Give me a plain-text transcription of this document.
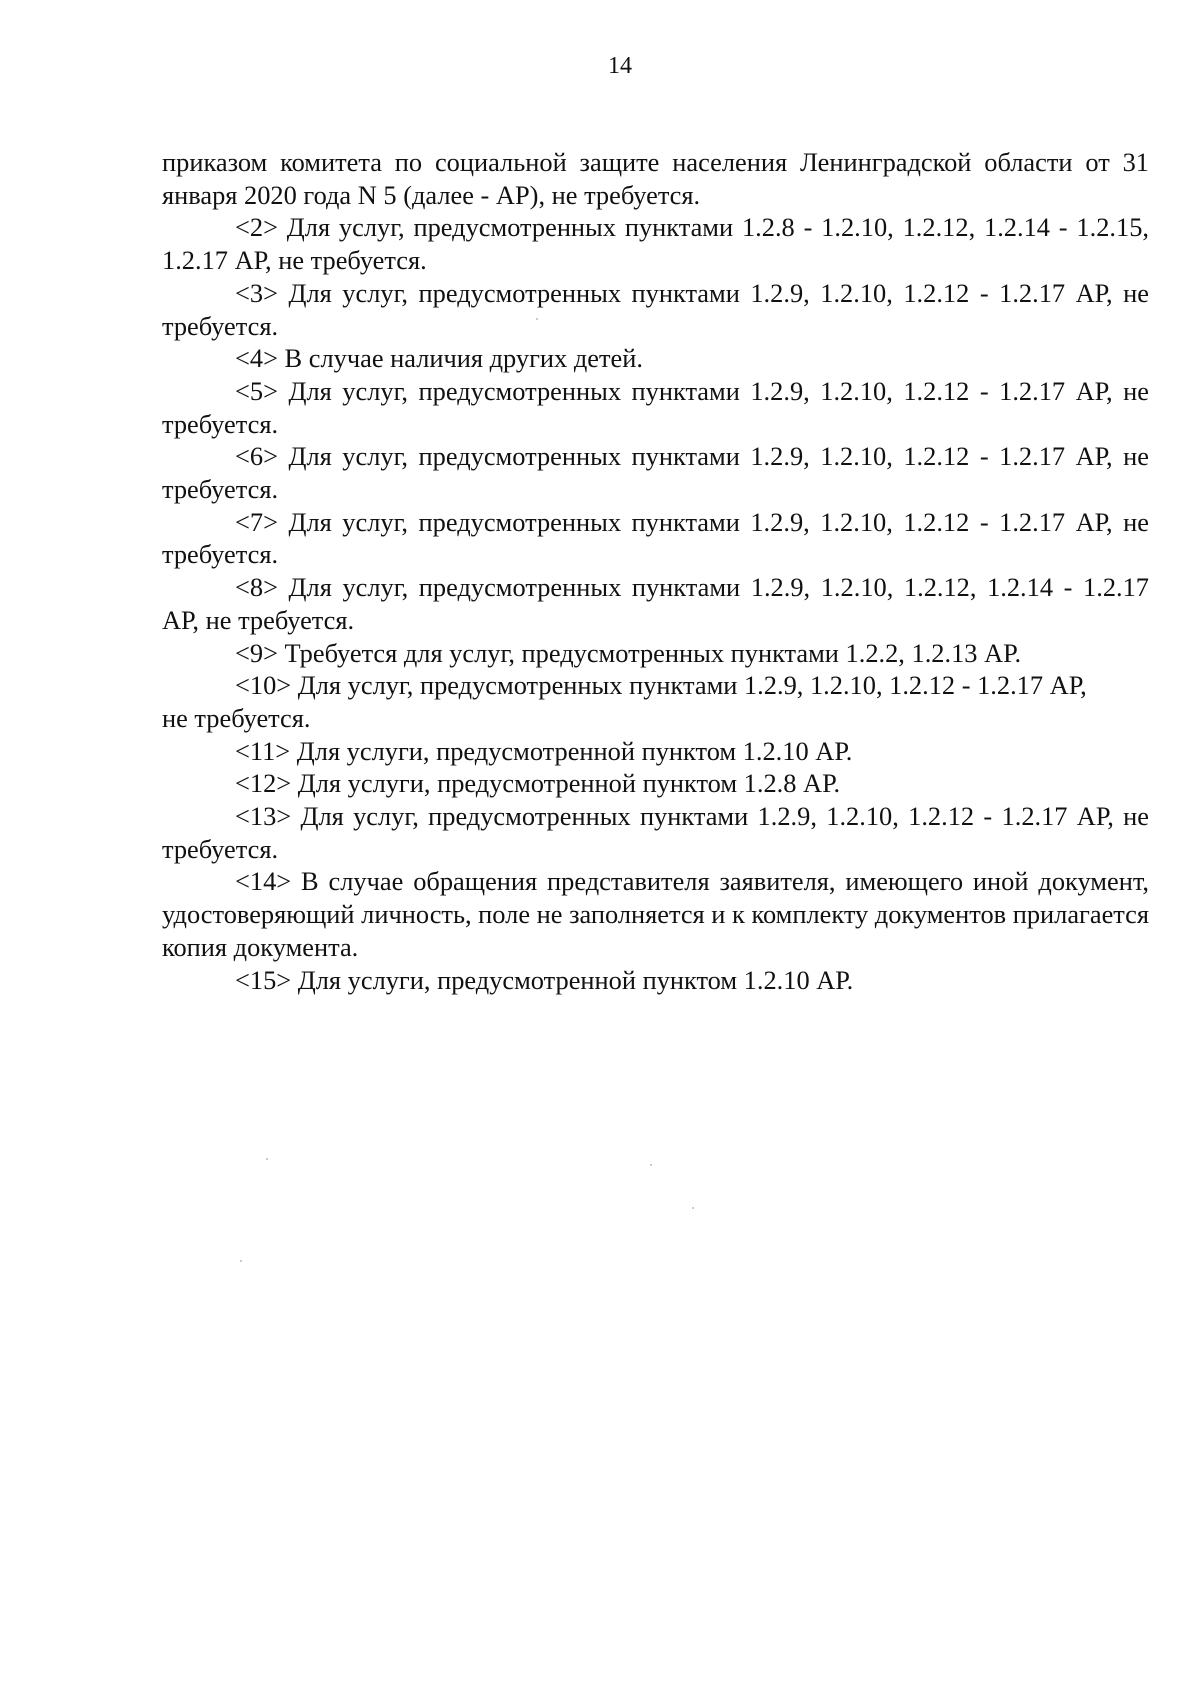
14

приказом комитета по социальной защите населения Ленинградской области от 31 января 2020 года N 5 (далее - АР), не требуется.

<2> Для услуг, предусмотренных пунктами 1.2.8 - 1.2.10, 1.2.12, 1.2.14 - 1.2.15, 1.2.17 АР, не требуется.

<3> Для услуг, предусмотренных пунктами 1.2.9, 1.2.10, 1.2.12 - 1.2.17 АР, не требуется.

<4> В случае наличия других детей.

<5> Для услуг, предусмотренных пунктами 1.2.9, 1.2.10, 1.2.12 - 1.2.17 АР, не требуется.

<6> Для услуг, предусмотренных пунктами 1.2.9, 1.2.10, 1.2.12 - 1.2.17 АР, не требуется.

<7> Для услуг, предусмотренных пунктами 1.2.9, 1.2.10, 1.2.12 - 1.2.17 АР, не требуется.

<8> Для услуг, предусмотренных пунктами 1.2.9, 1.2.10, 1.2.12, 1.2.14 - 1.2.17 АР, не требуется.

<9> Требуется для услуг, предусмотренных пунктами 1.2.2, 1.2.13 АР.

<10> Для услуг, предусмотренных пунктами 1.2.9, 1.2.10, 1.2.12 - 1.2.17 АР,

не требуется.

<11> Для услуги, предусмотренной пунктом 1.2.10 АР.

<12> Для услуги, предусмотренной пунктом 1.2.8 АР.

<13> Для услуг, предусмотренных пунктами 1.2.9, 1.2.10, 1.2.12 - 1.2.17 АР, не требуется.

<14> В случае обращения представителя заявителя, имеющего иной документ, удостоверяющий личность, поле не заполняется и к комплекту документов прилагается копия документа.

<15> Для услуги, предусмотренной пунктом 1.2.10 АР.
